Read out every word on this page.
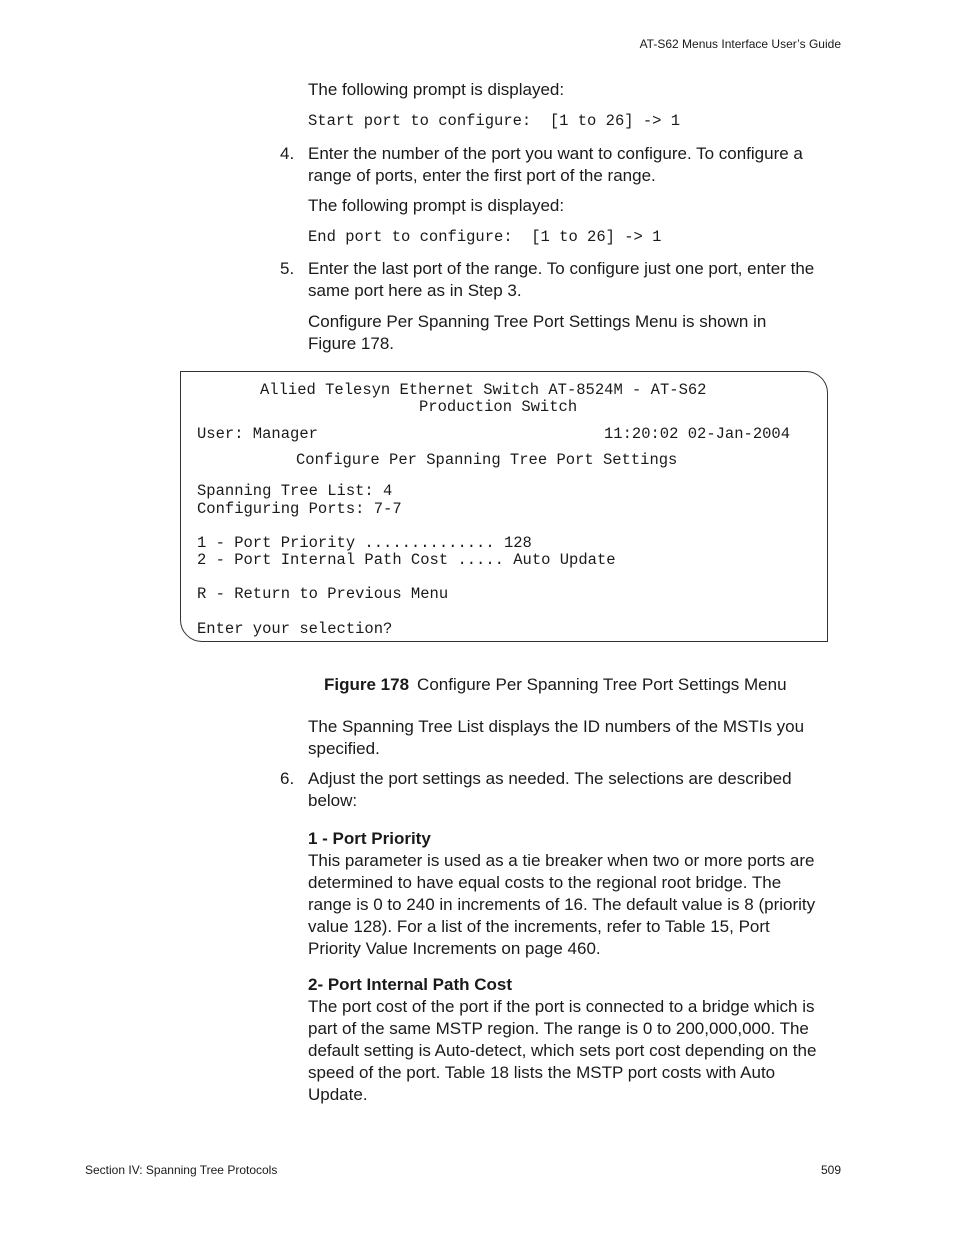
AT-S62 Menus Interface User’s Guide
The following prompt is displayed:
Start port to configure:  [1 to 26] -> 1
4. Enter the number of the port you want to configure. To configure a range of ports, enter the first port of the range.
The following prompt is displayed:
End port to configure:  [1 to 26] -> 1
5. Enter the last port of the range. To configure just one port, enter the same port here as in Step 3.
Configure Per Spanning Tree Port Settings Menu is shown in Figure 178.
Allied Telesyn Ethernet Switch AT-8524M - AT-S62
Production Switch
User: Manager	11:20:02 02-Jan-2004
Configure Per Spanning Tree Port Settings
Spanning Tree List: 4
Configuring Ports: 7-7
1 - Port Priority .............. 128
2 - Port Internal Path Cost ..... Auto Update
R - Return to Previous Menu
Enter your selection?
Figure 178 Configure Per Spanning Tree Port Settings Menu
The Spanning Tree List displays the ID numbers of the MSTIs you specified.
6. Adjust the port settings as needed. The selections are described below:
1 - Port Priority
This parameter is used as a tie breaker when two or more ports are determined to have equal costs to the regional root bridge. The range is 0 to 240 in increments of 16. The default value is 8 (priority value 128). For a list of the increments, refer to Table 15, Port Priority Value Increments on page 460.
2- Port Internal Path Cost
The port cost of the port if the port is connected to a bridge which is part of the same MSTP region. The range is 0 to 200,000,000. The default setting is Auto-detect, which sets port cost depending on the speed of the port. Table 18 lists the MSTP port costs with Auto Update.
Section IV: Spanning Tree Protocols	509
